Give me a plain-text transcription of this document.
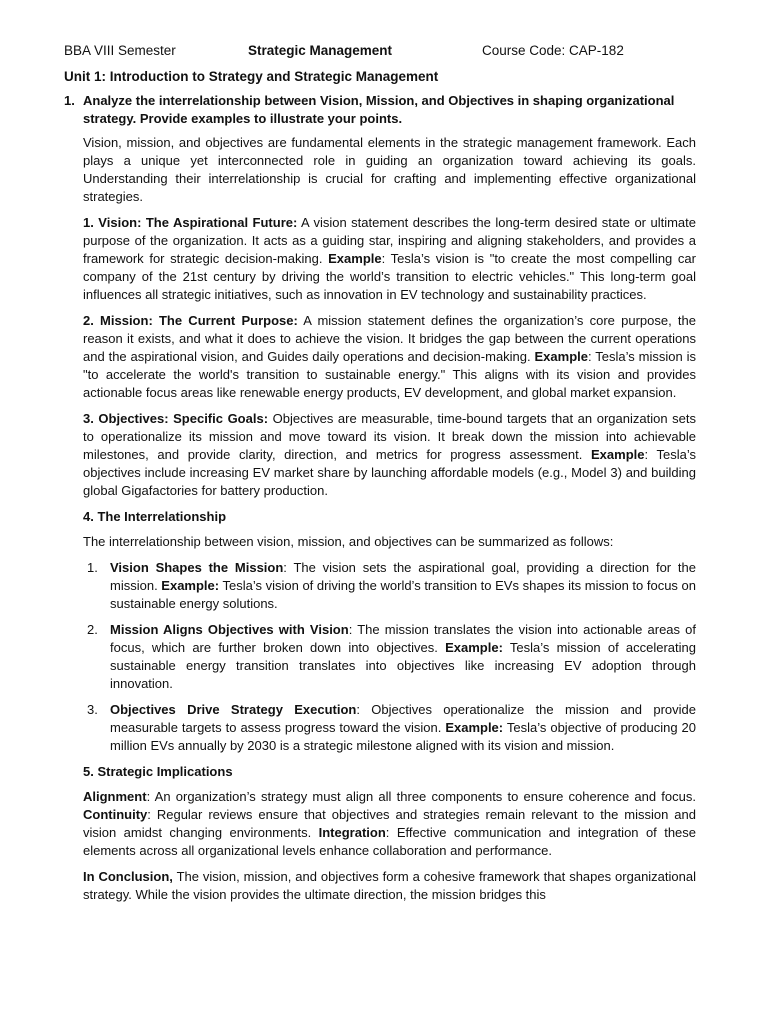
BBA VIII Semester	Strategic Management	Course Code: CAP-182
Unit 1: Introduction to Strategy and Strategic Management
1. Analyze the interrelationship between Vision, Mission, and Objectives in shaping organizational strategy. Provide examples to illustrate your points.

Vision, mission, and objectives are fundamental elements in the strategic management framework. Each plays a unique yet interconnected role in guiding an organization toward achieving its goals. Understanding their interrelationship is crucial for crafting and implementing effective organizational strategies.

1. Vision: The Aspirational Future: A vision statement describes the long-term desired state or ultimate purpose of the organization. It acts as a guiding star, inspiring and aligning stakeholders, and provides a framework for strategic decision-making. Example: Tesla’s vision is "to create the most compelling car company of the 21st century by driving the world’s transition to electric vehicles." This long-term goal influences all strategic initiatives, such as innovation in EV technology and sustainability practices.

2. Mission: The Current Purpose: A mission statement defines the organization’s core purpose, the reason it exists, and what it does to achieve the vision. It bridges the gap between the current operations and the aspirational vision, and Guides daily operations and decision-making. Example: Tesla’s mission is "to accelerate the world's transition to sustainable energy." This aligns with its vision and provides actionable focus areas like renewable energy products, EV development, and global market expansion.

3. Objectives: Specific Goals: Objectives are measurable, time-bound targets that an organization sets to operationalize its mission and move toward its vision. It break down the mission into achievable milestones, and provide clarity, direction, and metrics for progress assessment. Example: Tesla’s objectives include increasing EV market share by launching affordable models (e.g., Model 3) and building global Gigafactories for battery production.

4. The Interrelationship

The interrelationship between vision, mission, and objectives can be summarized as follows:

1. Vision Shapes the Mission: The vision sets the aspirational goal, providing a direction for the mission. Example: Tesla’s vision of driving the world’s transition to EVs shapes its mission to focus on sustainable energy solutions.
2. Mission Aligns Objectives with Vision: The mission translates the vision into actionable areas of focus, which are further broken down into objectives. Example: Tesla’s mission of accelerating sustainable energy transition translates into objectives like increasing EV adoption through innovation.
3. Objectives Drive Strategy Execution: Objectives operationalize the mission and provide measurable targets to assess progress toward the vision. Example: Tesla’s objective of producing 20 million EVs annually by 2030 is a strategic milestone aligned with its vision and mission.
5. Strategic Implications

Alignment: An organization’s strategy must align all three components to ensure coherence and focus. Continuity: Regular reviews ensure that objectives and strategies remain relevant to the mission and vision amidst changing environments. Integration: Effective communication and integration of these elements across all organizational levels enhance collaboration and performance.

In Conclusion, The vision, mission, and objectives form a cohesive framework that shapes organizational strategy. While the vision provides the ultimate direction, the mission bridges this
